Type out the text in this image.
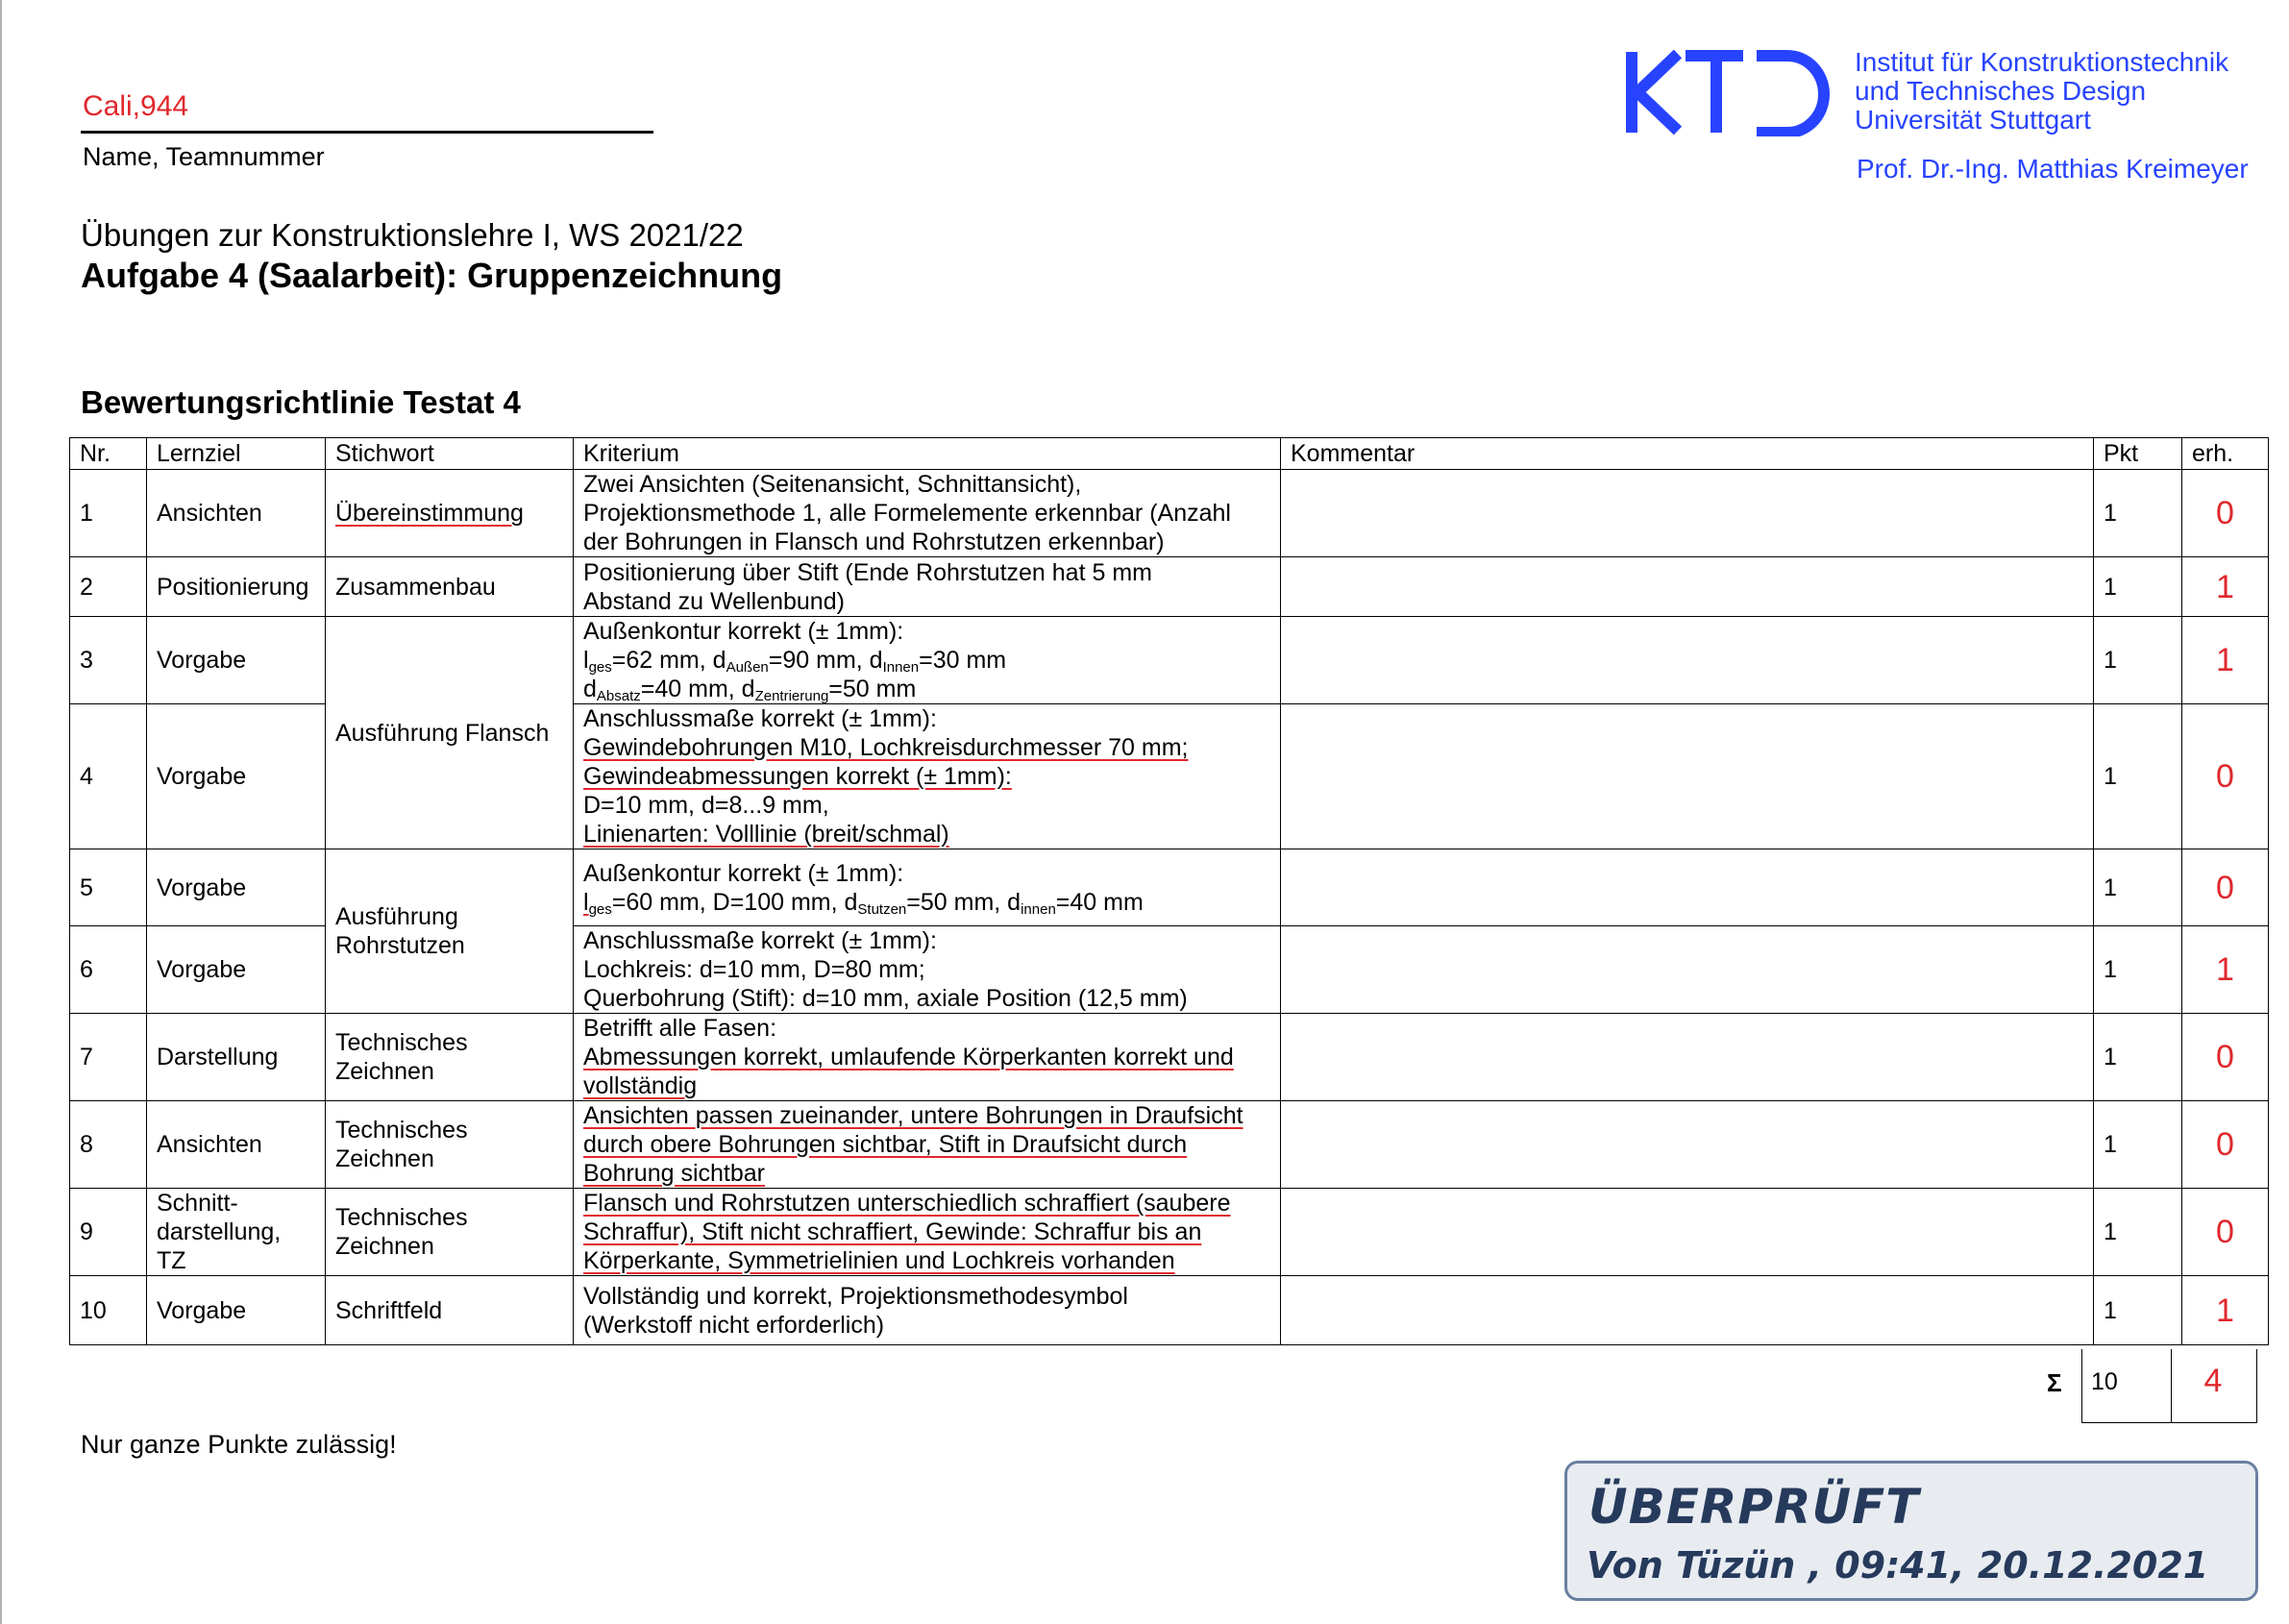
Cali,944
Name, Teamnummer
Übungen zur Konstruktionslehre I, WS 2021/22
Aufgabe 4 (Saalarbeit): Gruppenzeichnung
Bewertungsrichtlinie Testat 4
Institut für Konstruktionstechnik
und Technisches Design
Universität Stuttgart
Prof. Dr.-Ing. Matthias Kreimeyer
Nr.	Lernziel	Stichwort	Kriterium	Kommentar	Pkt	erh.
1	Ansichten	Übereinstimmung	Zwei Ansichten (Seitenansicht, Schnittansicht),
Projektionsmethode 1, alle Formelemente erkennbar (Anzahl
der Bohrungen in Flansch und Rohrstutzen erkennbar)		1	0
2	Positionierung	Zusammenbau	Positionierung über Stift (Ende Rohrstutzen hat 5 mm
Abstand zu Wellenbund)		1	1
3	Vorgabe	Ausführung Flansch	Außenkontur korrekt (± 1mm):
$l_{ges}=62$ mm, $d_{Außen}=90$ mm, $d_{Innen}=30$ mm
$d_{Absatz}=40$ mm, $d_{Zentrierung}=50$ mm		1	1
4	Vorgabe		Anschlussmaße korrekt (± 1mm):
Gewindebohrungen M10, Lochkreisdurchmesser 70 mm;
Gewindeabmessungen korrekt (± 1mm):
D=10 mm, d=8...9 mm,
Linienarten: Volllinie (breit/schmal)		1	0
5	Vorgabe	Ausführung Rohrstutzen	Außenkontur korrekt (± 1mm):
$l_{ges}=60$ mm, D=100 mm, $d_{Stutzen}=50$ mm, $d_{innen}=40$ mm		1	0
6	Vorgabe		Anschlussmaße korrekt (± 1mm):
Lochkreis: d=10 mm, D=80 mm;
Querbohrung (Stift): d=10 mm, axiale Position (12,5 mm)		1	1
7	Darstellung	Technisches Zeichnen	Betrifft alle Fasen:
Abmessungen korrekt, umlaufende Körperkanten korrekt und
vollständig		1	0
8	Ansichten	Technisches Zeichnen	Ansichten passen zueinander, untere Bohrungen in Draufsicht
durch obere Bohrungen sichtbar, Stift in Draufsicht durch
Bohrung sichtbar		1	0
9	Schnitt-darstellung, TZ	Technisches Zeichnen	Flansch und Rohrstutzen unterschiedlich schraffiert (saubere
Schraffur), Stift nicht schraffiert, Gewinde: Schraffur bis an
Körperkante, Symmetrielinien und Lochkreis vorhanden		1	0
10	Vorgabe	Schriftfeld	Vollständig und korrekt, Projektionsmethodesymbol
(Werkstoff nicht erforderlich)		1	1
Σ 10	4
Nur ganze Punkte zulässig!
ÜBERPRÜFT
Von Tüzün , 09:41, 20.12.2021
